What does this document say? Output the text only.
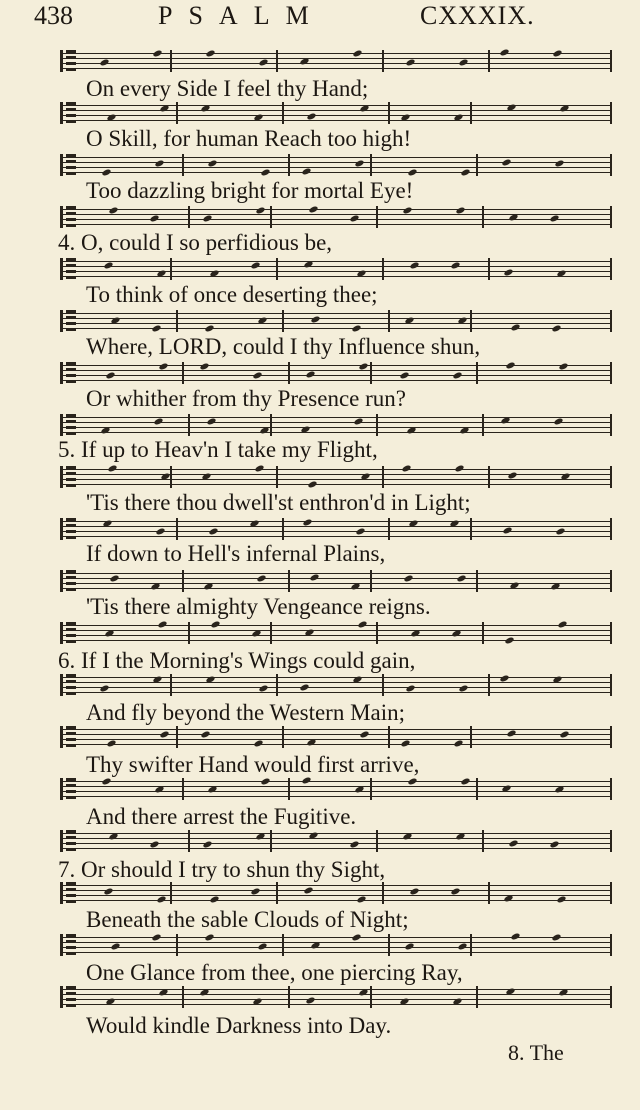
438	PSALM	CXXXIX.
On every Side I feel thy Hand;
O Skill, for human Reach too high!
Too dazzling bright for mortal Eye!
4. O, could I so perfidious be,
To think of once deserting thee;
Where, LORD, could I thy Influence shun,
Or whither from thy Presence run?
5. If up to Heav'n I take my Flight,
'Tis there thou dwell'st enthron'd in Light;
If down to Hell's infernal Plains,
'Tis there almighty Vengeance reigns.
6. If I the Morning's Wings could gain,
And fly beyond the Western Main;
Thy swifter Hand would first arrive,
And there arrest the Fugitive.
7. Or should I try to shun thy Sight,
Beneath the sable Clouds of Night;
One Glance from thee, one piercing Ray,
Would kindle Darkness into Day.
8. The
